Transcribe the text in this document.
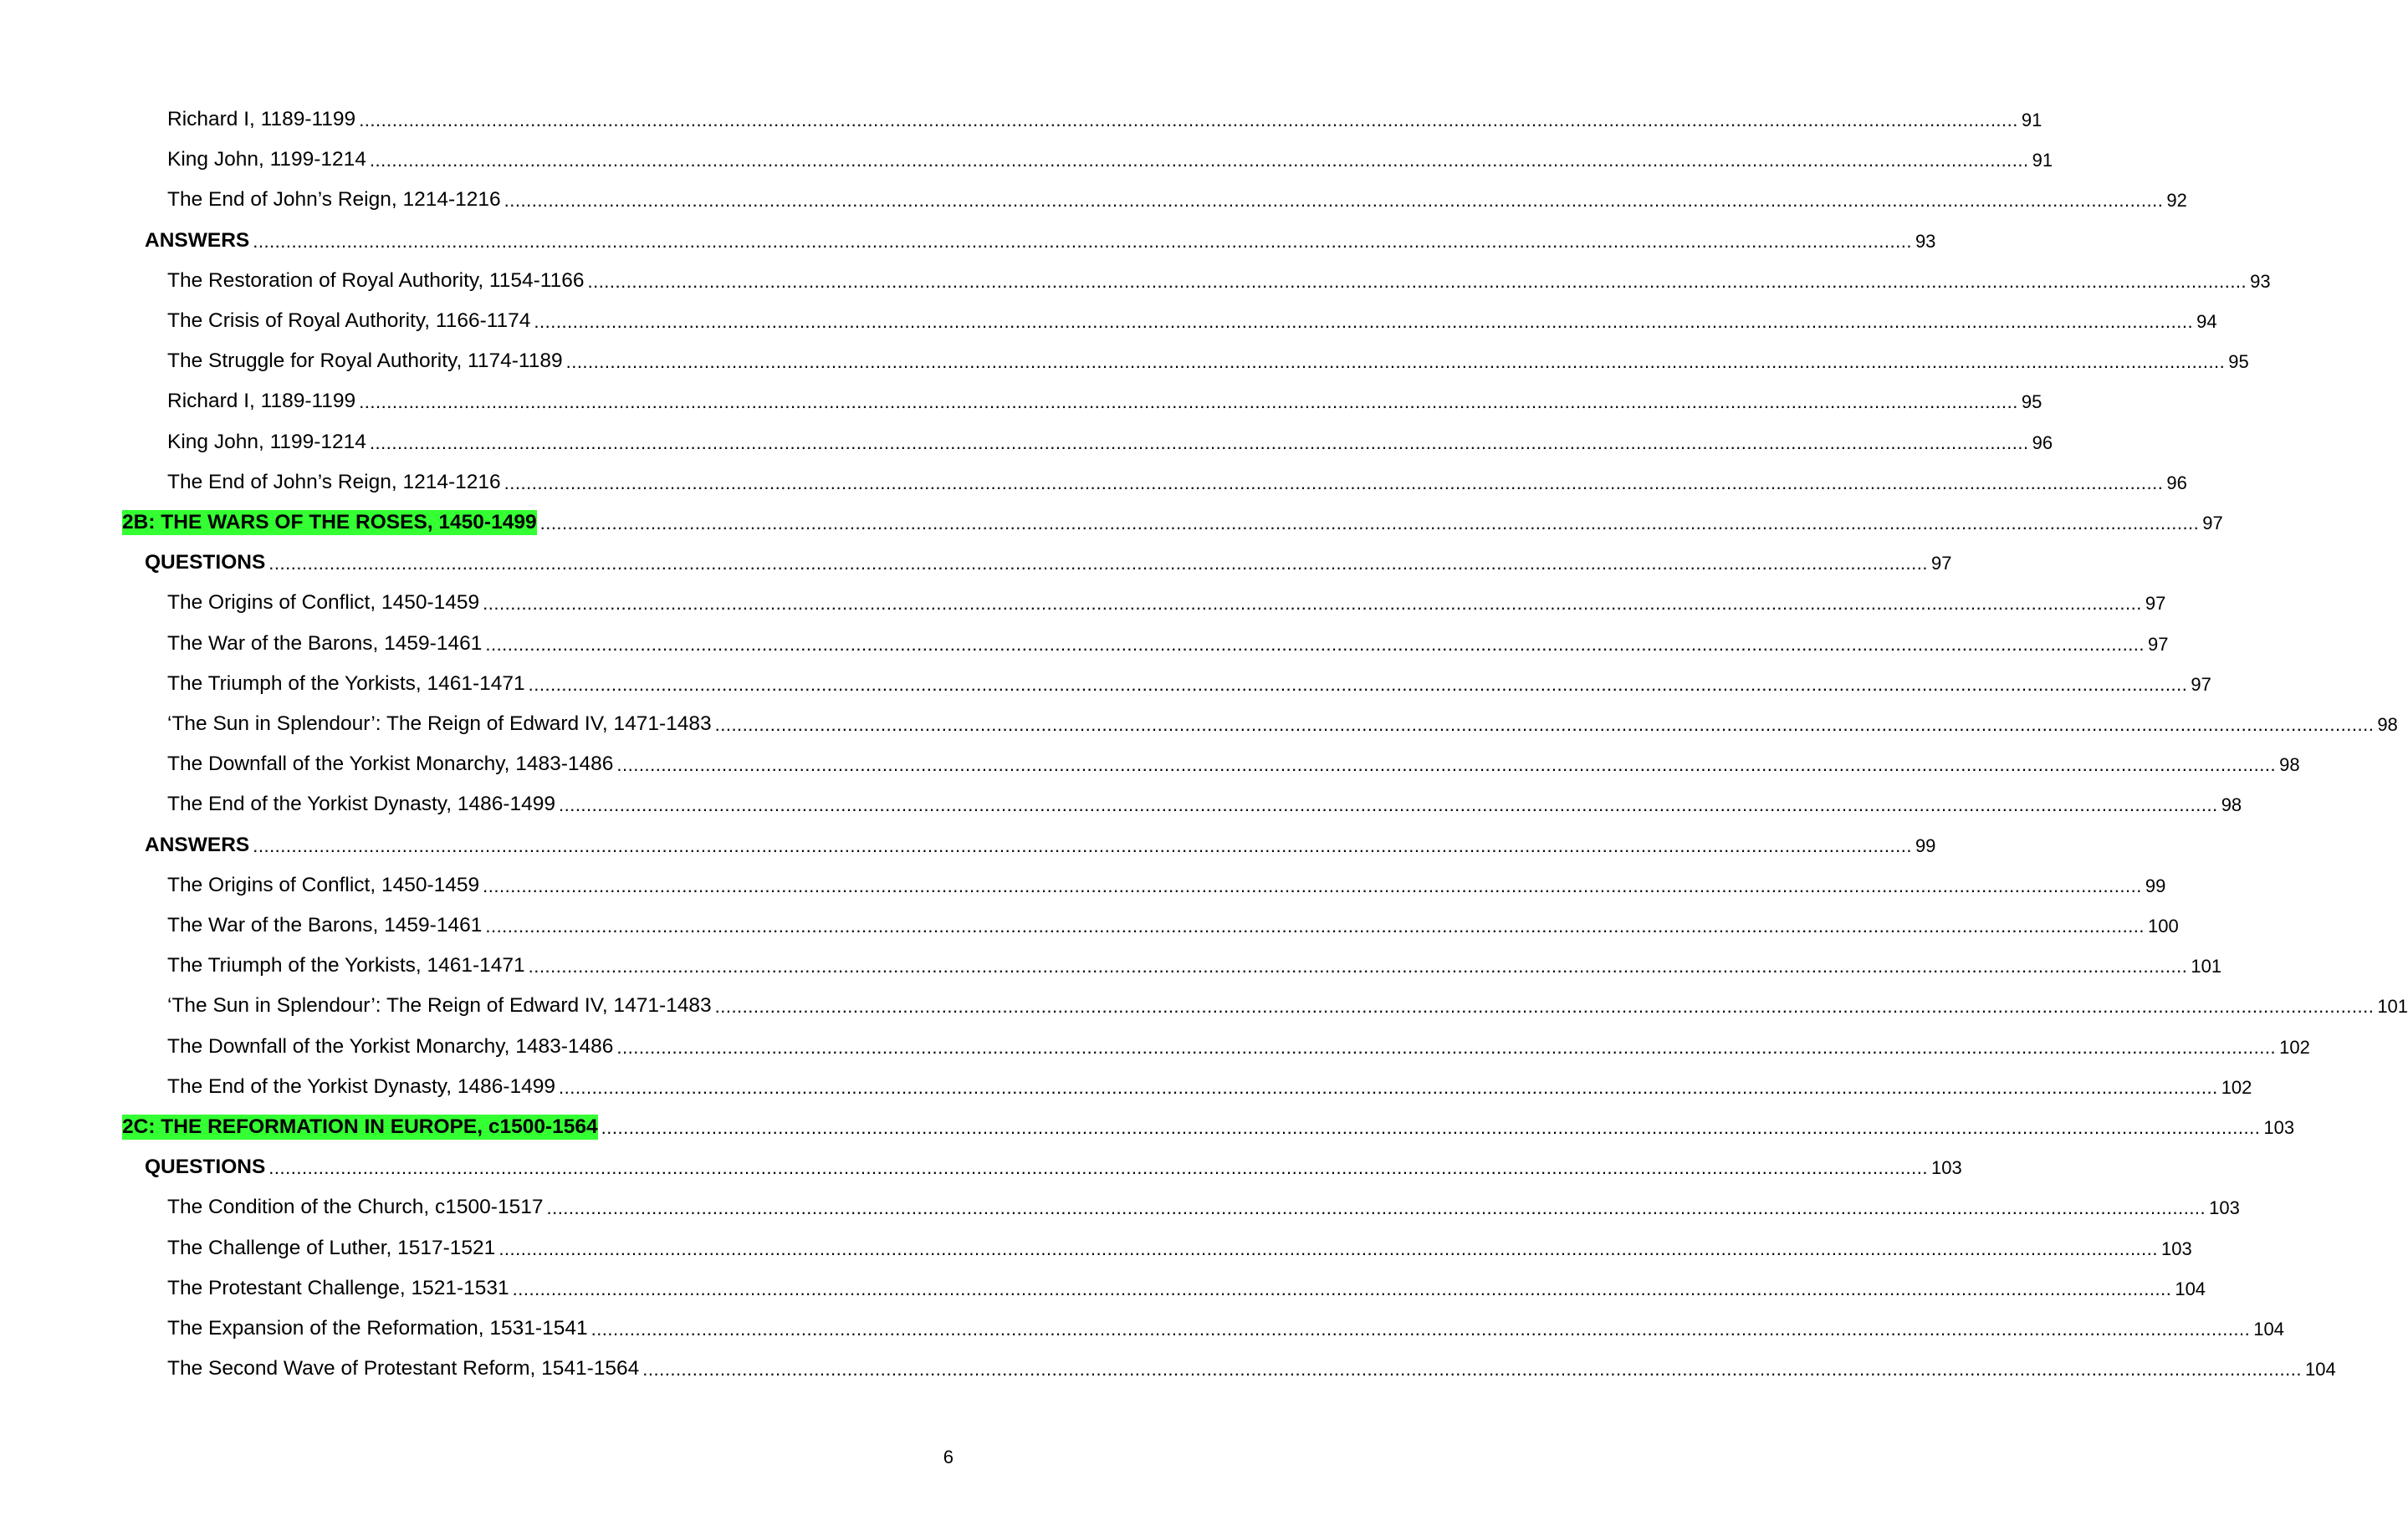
Richard I, 1189-1199 ............................................................................................................................................................................................................................................................................................................ 91
King John, 1199-1214 ............................................................................................................................................................................................................................................................................................................ 91
The End of John’s Reign, 1214-1216 ............................................................................................................................................................................................................................................................................................................ 92
ANSWERS ............................................................................................................................................................................................................................................................................................................ 93
The Restoration of Royal Authority, 1154-1166 ............................................................................................................................................................................................................................................................................................................ 93
The Crisis of Royal Authority, 1166-1174 ............................................................................................................................................................................................................................................................................................................ 94
The Struggle for Royal Authority, 1174-1189 ............................................................................................................................................................................................................................................................................................................ 95
Richard I, 1189-1199 ............................................................................................................................................................................................................................................................................................................ 95
King John, 1199-1214 ............................................................................................................................................................................................................................................................................................................ 96
The End of John’s Reign, 1214-1216 ............................................................................................................................................................................................................................................................................................................ 96
2B: THE WARS OF THE ROSES, 1450-1499 ............................................................................................................................................................................................................................................................................................................ 97
QUESTIONS ............................................................................................................................................................................................................................................................................................................ 97
The Origins of Conflict, 1450-1459 ............................................................................................................................................................................................................................................................................................................ 97
The War of the Barons, 1459-1461 ............................................................................................................................................................................................................................................................................................................ 97
The Triumph of the Yorkists, 1461-1471 ............................................................................................................................................................................................................................................................................................................ 97
‘The Sun in Splendour’: The Reign of Edward IV, 1471-1483 ............................................................................................................................................................................................................................................................................................................ 98
The Downfall of the Yorkist Monarchy, 1483-1486 ............................................................................................................................................................................................................................................................................................................ 98
The End of the Yorkist Dynasty, 1486-1499 ............................................................................................................................................................................................................................................................................................................ 98
ANSWERS ............................................................................................................................................................................................................................................................................................................ 99
The Origins of Conflict, 1450-1459 ............................................................................................................................................................................................................................................................................................................ 99
The War of the Barons, 1459-1461 ............................................................................................................................................................................................................................................................................................................ 100
The Triumph of the Yorkists, 1461-1471 ............................................................................................................................................................................................................................................................................................................ 101
‘The Sun in Splendour’: The Reign of Edward IV, 1471-1483 ............................................................................................................................................................................................................................................................................................................ 101
The Downfall of the Yorkist Monarchy, 1483-1486 ............................................................................................................................................................................................................................................................................................................ 102
The End of the Yorkist Dynasty, 1486-1499 ............................................................................................................................................................................................................................................................................................................ 102
2C: THE REFORMATION IN EUROPE, c1500-1564 ............................................................................................................................................................................................................................................................................................................ 103
QUESTIONS ............................................................................................................................................................................................................................................................................................................ 103
The Condition of the Church, c1500-1517 ............................................................................................................................................................................................................................................................................................................ 103
The Challenge of Luther, 1517-1521 ............................................................................................................................................................................................................................................................................................................ 103
The Protestant Challenge, 1521-1531 ............................................................................................................................................................................................................................................................................................................ 104
The Expansion of the Reformation, 1531-1541 ............................................................................................................................................................................................................................................................................................................ 104
The Second Wave of Protestant Reform, 1541-1564 ............................................................................................................................................................................................................................................................................................................ 104
6
